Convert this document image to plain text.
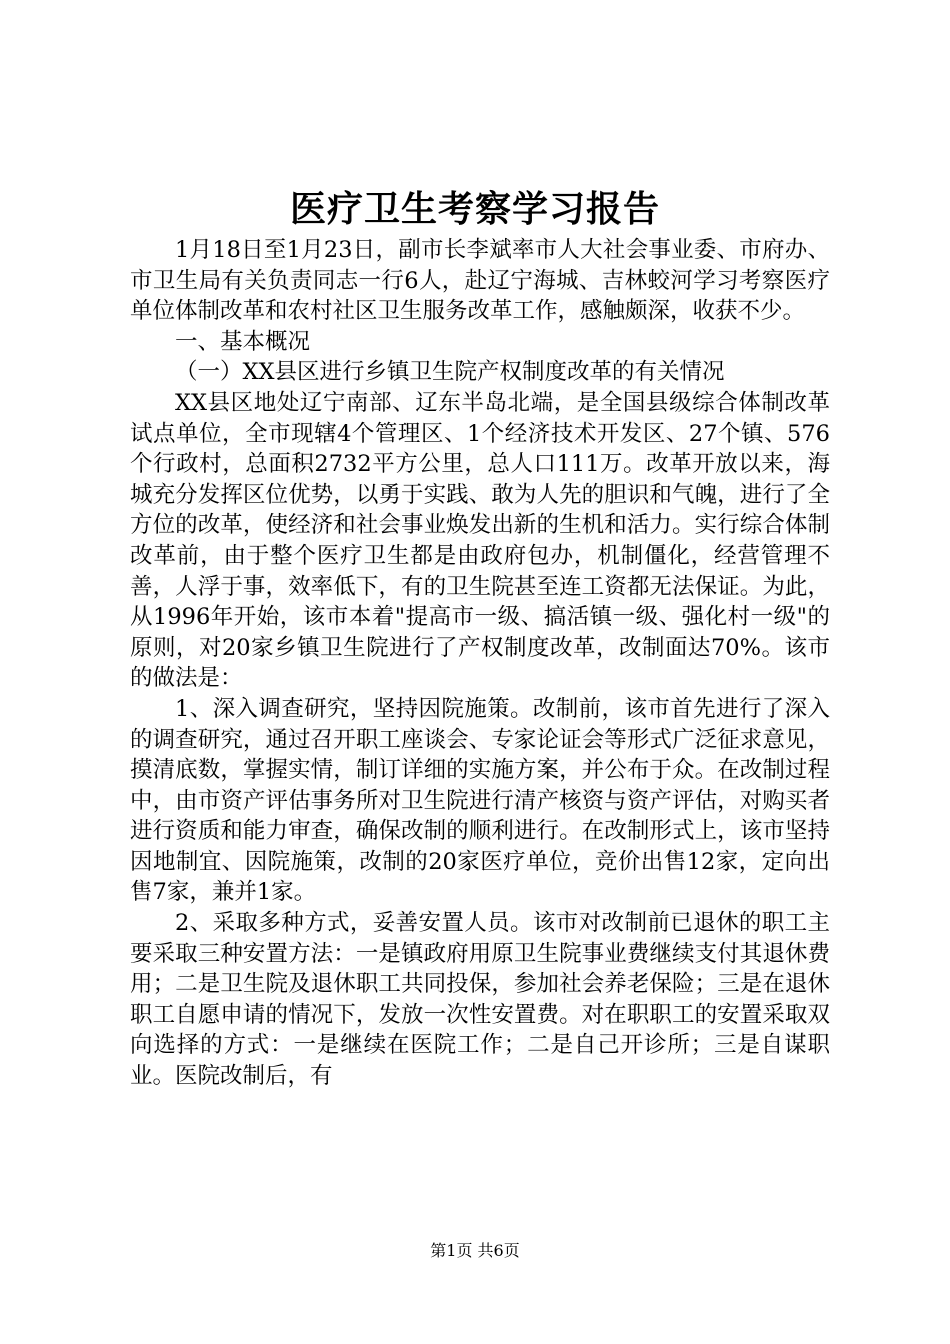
医疗卫生考察学习报告

1月18日至1月23日，副市长李斌率市人大社会事业委、市府办、市卫生局有关负责同志一行6人，赴辽宁海城、吉林蛟河学习考察医疗单位体制改革和农村社区卫生服务改革工作，感触颇深，收获不少。

一、基本概况

（一）XX县区进行乡镇卫生院产权制度改革的有关情况

XX县区地处辽宁南部、辽东半岛北端，是全国县级综合体制改革试点单位，全市现辖4个管理区、1个经济技术开发区、27个镇、576个行政村，总面积2732平方公里，总人口111万。改革开放以来，海城充分发挥区位优势，以勇于实践、敢为人先的胆识和气魄，进行了全方位的改革，使经济和社会事业焕发出新的生机和活力。实行综合体制改革前，由于整个医疗卫生都是由政府包办，机制僵化，经营管理不善，人浮于事，效率低下，有的卫生院甚至连工资都无法保证。为此，从1996年开始，该市本着"提高市一级、搞活镇一级、强化村一级"的原则，对20家乡镇卫生院进行了产权制度改革，改制面达70%。该市的做法是：

1、深入调查研究，坚持因院施策。改制前，该市首先进行了深入的调查研究，通过召开职工座谈会、专家论证会等形式广泛征求意见，摸清底数，掌握实情，制订详细的实施方案，并公布于众。在改制过程中，由市资产评估事务所对卫生院进行清产核资与资产评估，对购买者进行资质和能力审查，确保改制的顺利进行。在改制形式上，该市坚持因地制宜、因院施策，改制的20家医疗单位，竞价出售12家，定向出售7家，兼并1家。

2、采取多种方式，妥善安置人员。该市对改制前已退休的职工主要采取三种安置方法：一是镇政府用原卫生院事业费继续支付其退休费用；二是卫生院及退休职工共同投保，参加社会养老保险；三是在退休职工自愿申请的情况下，发放一次性安置费。对在职职工的安置采取双向选择的方式：一是继续在医院工作；二是自己开诊所；三是自谋职业。医院改制后，有

第1页 共6页
